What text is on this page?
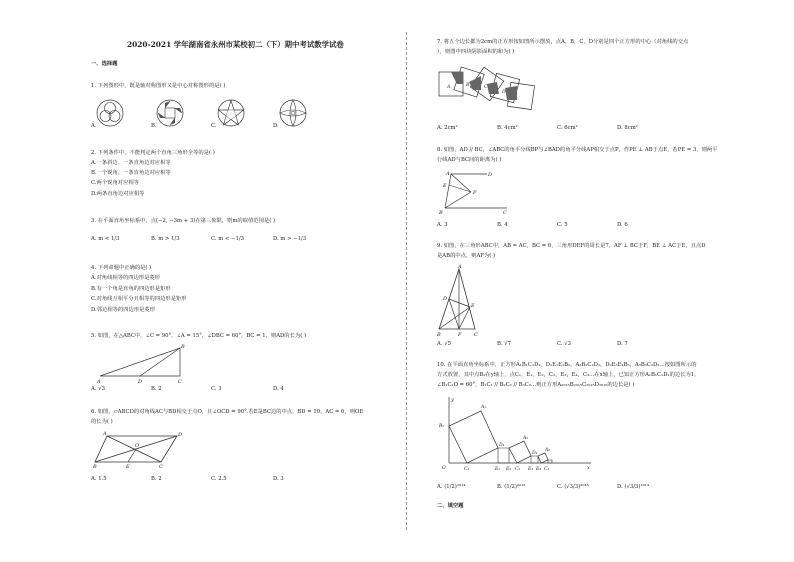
2020-2021 学年湖南省永州市某校初二（下）期中考试数学试卷
一、选择题
1. 下列图形中，既是轴对称图形又是中心对称图形的是( )
A.	B.	C.	D.
2. 下列条件中，不能判定两个直角三角形全等的是( )
A.一条斜边、一条直角边对应相等
B.一个锐角、一条直角边对应相等
C.两个锐角对应相等
D.两条直角边对应相等
3. 在平面直角坐标系中，点(−2, −3m + 3)在第三象限，则m的取值范围是( )
A. m < 1/3	B. m > 1/3	C. m < −1/3	D. m > −1/3
4. 下列命题中正确的是( )
A.对角线相等的四边形是菱形
B.有一个角是直角的四边形是矩形
C.对角线互相平分且相等的四边形是矩形
D.邻边相等的四边形是菱形
5. 如图，在△ABC中，∠C = 90°，∠A = 15°，∠DBC = 60°，BC = 1，则AD的长为( )
B
A	D	C
A. √3	B. 2	C. 3	D. 4
6. 如图，▱ABCD的对角线AC与BD相交于点O，且∠OCD = 90°.若E是BC边的中点，BD = 10，AC = 6，则OE
的长为( )
A	D
O
B	E	C
A. 1.5	B. 2	C. 2.5	D. 3
7. 将五个边长都为2cm的正方形按如图所示摆放，点A，B，C，D分别是四个正方形的中心（对角线的交点
），则图中四块阴影面积的和为( )
A	B	C
D
A. 2cm²	B. 4cm²	C. 6cm²	D. 8cm²
8. 如图，AD // BC，∠ABC的角平分线BP与∠BAD的角平分线AP相交于点P，作PE ⊥ AB于点E，若PE = 3，则两平
行线AD与BC间的距离为( )
A
E
P
D
B	C
A. 3	B. 4	C. 5	D. 6
9. 如图，在三角形ABC中，AB = AC，BC = 6，三角形DEF的周长是7，AF ⊥ BC于F，BE ⊥ AC于E，且点D
是AB的中点，则AF为( )
A
D
E
B	F	C
A. √5	B. √7	C. √3	D. 7
10. 在平面直角坐标系中，正方形A₁B₁C₁D₁，D₁E₁E₂B₂，A₂B₂C₂D₂，D₂E₃E₄B₃，A₃B₃C₃D₃…按如图所示的
方式放置，其中点B₁在y轴上，点C₁，E₁，E₂，C₂，E₃，E₄，C₃…在x轴上，已知正方形A₁B₁C₁D₁的边长为1，
∠B₁C₁O = 60°，B₁C₁ // B₂C₂ // B₃C₃…则正方形A₂₀₁₅B₂₀₁₅C₂₀₁₅D₂₀₁₅的边长是( )
y
A₁
B₁
D₁
A₂
D₂
A₃
O	C₁	E₁ E₂ C₂ E₃ E₄ C₃	x
A. (1/2)²⁰¹⁴	B. (1/2)²⁰¹⁵	C. (√3/3)²⁰¹⁵	D. (√3/3)²⁰¹⁴
二、填空题
